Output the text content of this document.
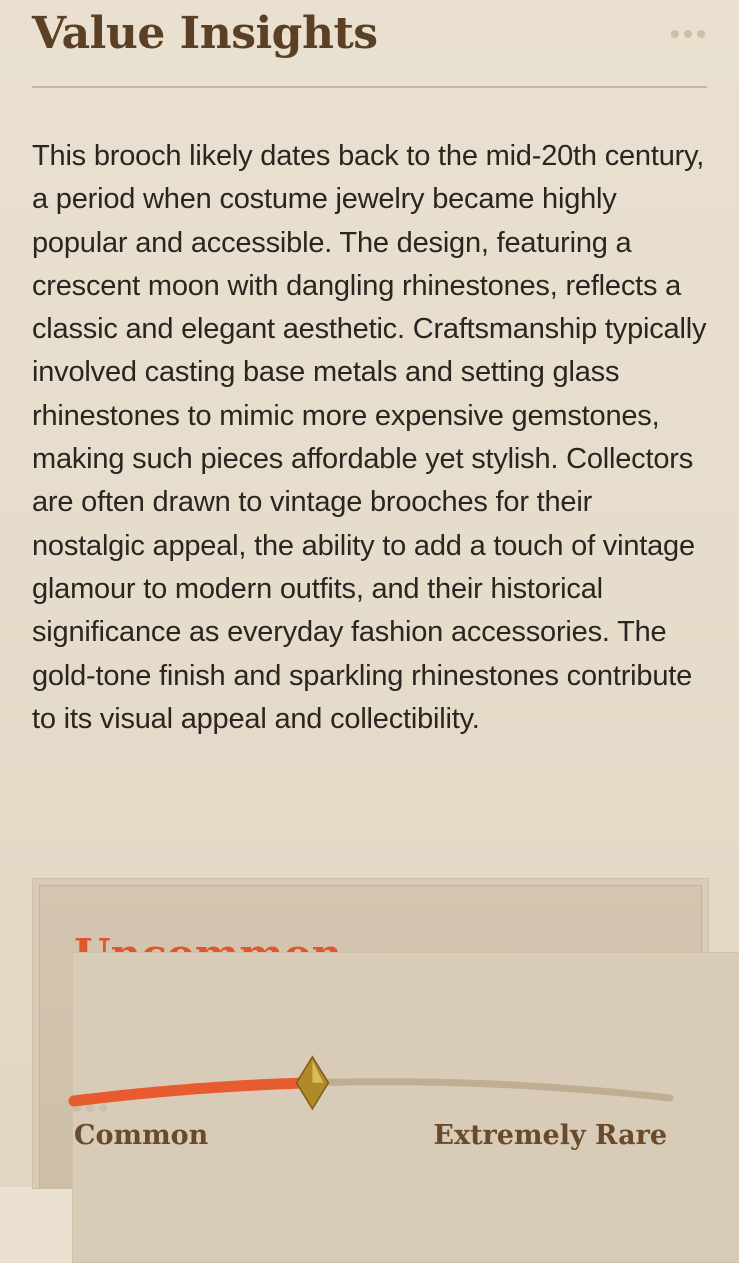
Value Insights

This brooch likely dates back to the mid-20th century, a period when costume jewelry became highly popular and accessible. The design, featuring a crescent moon with dangling rhinestones, reflects a classic and elegant aesthetic. Craftsmanship typically involved casting base metals and setting glass rhinestones to mimic more expensive gemstones, making such pieces affordable yet stylish. Collectors are often drawn to vintage brooches for their nostalgic appeal, the ability to add a touch of vintage glamour to modern outfits, and their historical significance as everyday fashion accessories. The gold-tone finish and sparkling rhinestones contribute to its visual appeal and collectibility.

Common	Extremely Rare
